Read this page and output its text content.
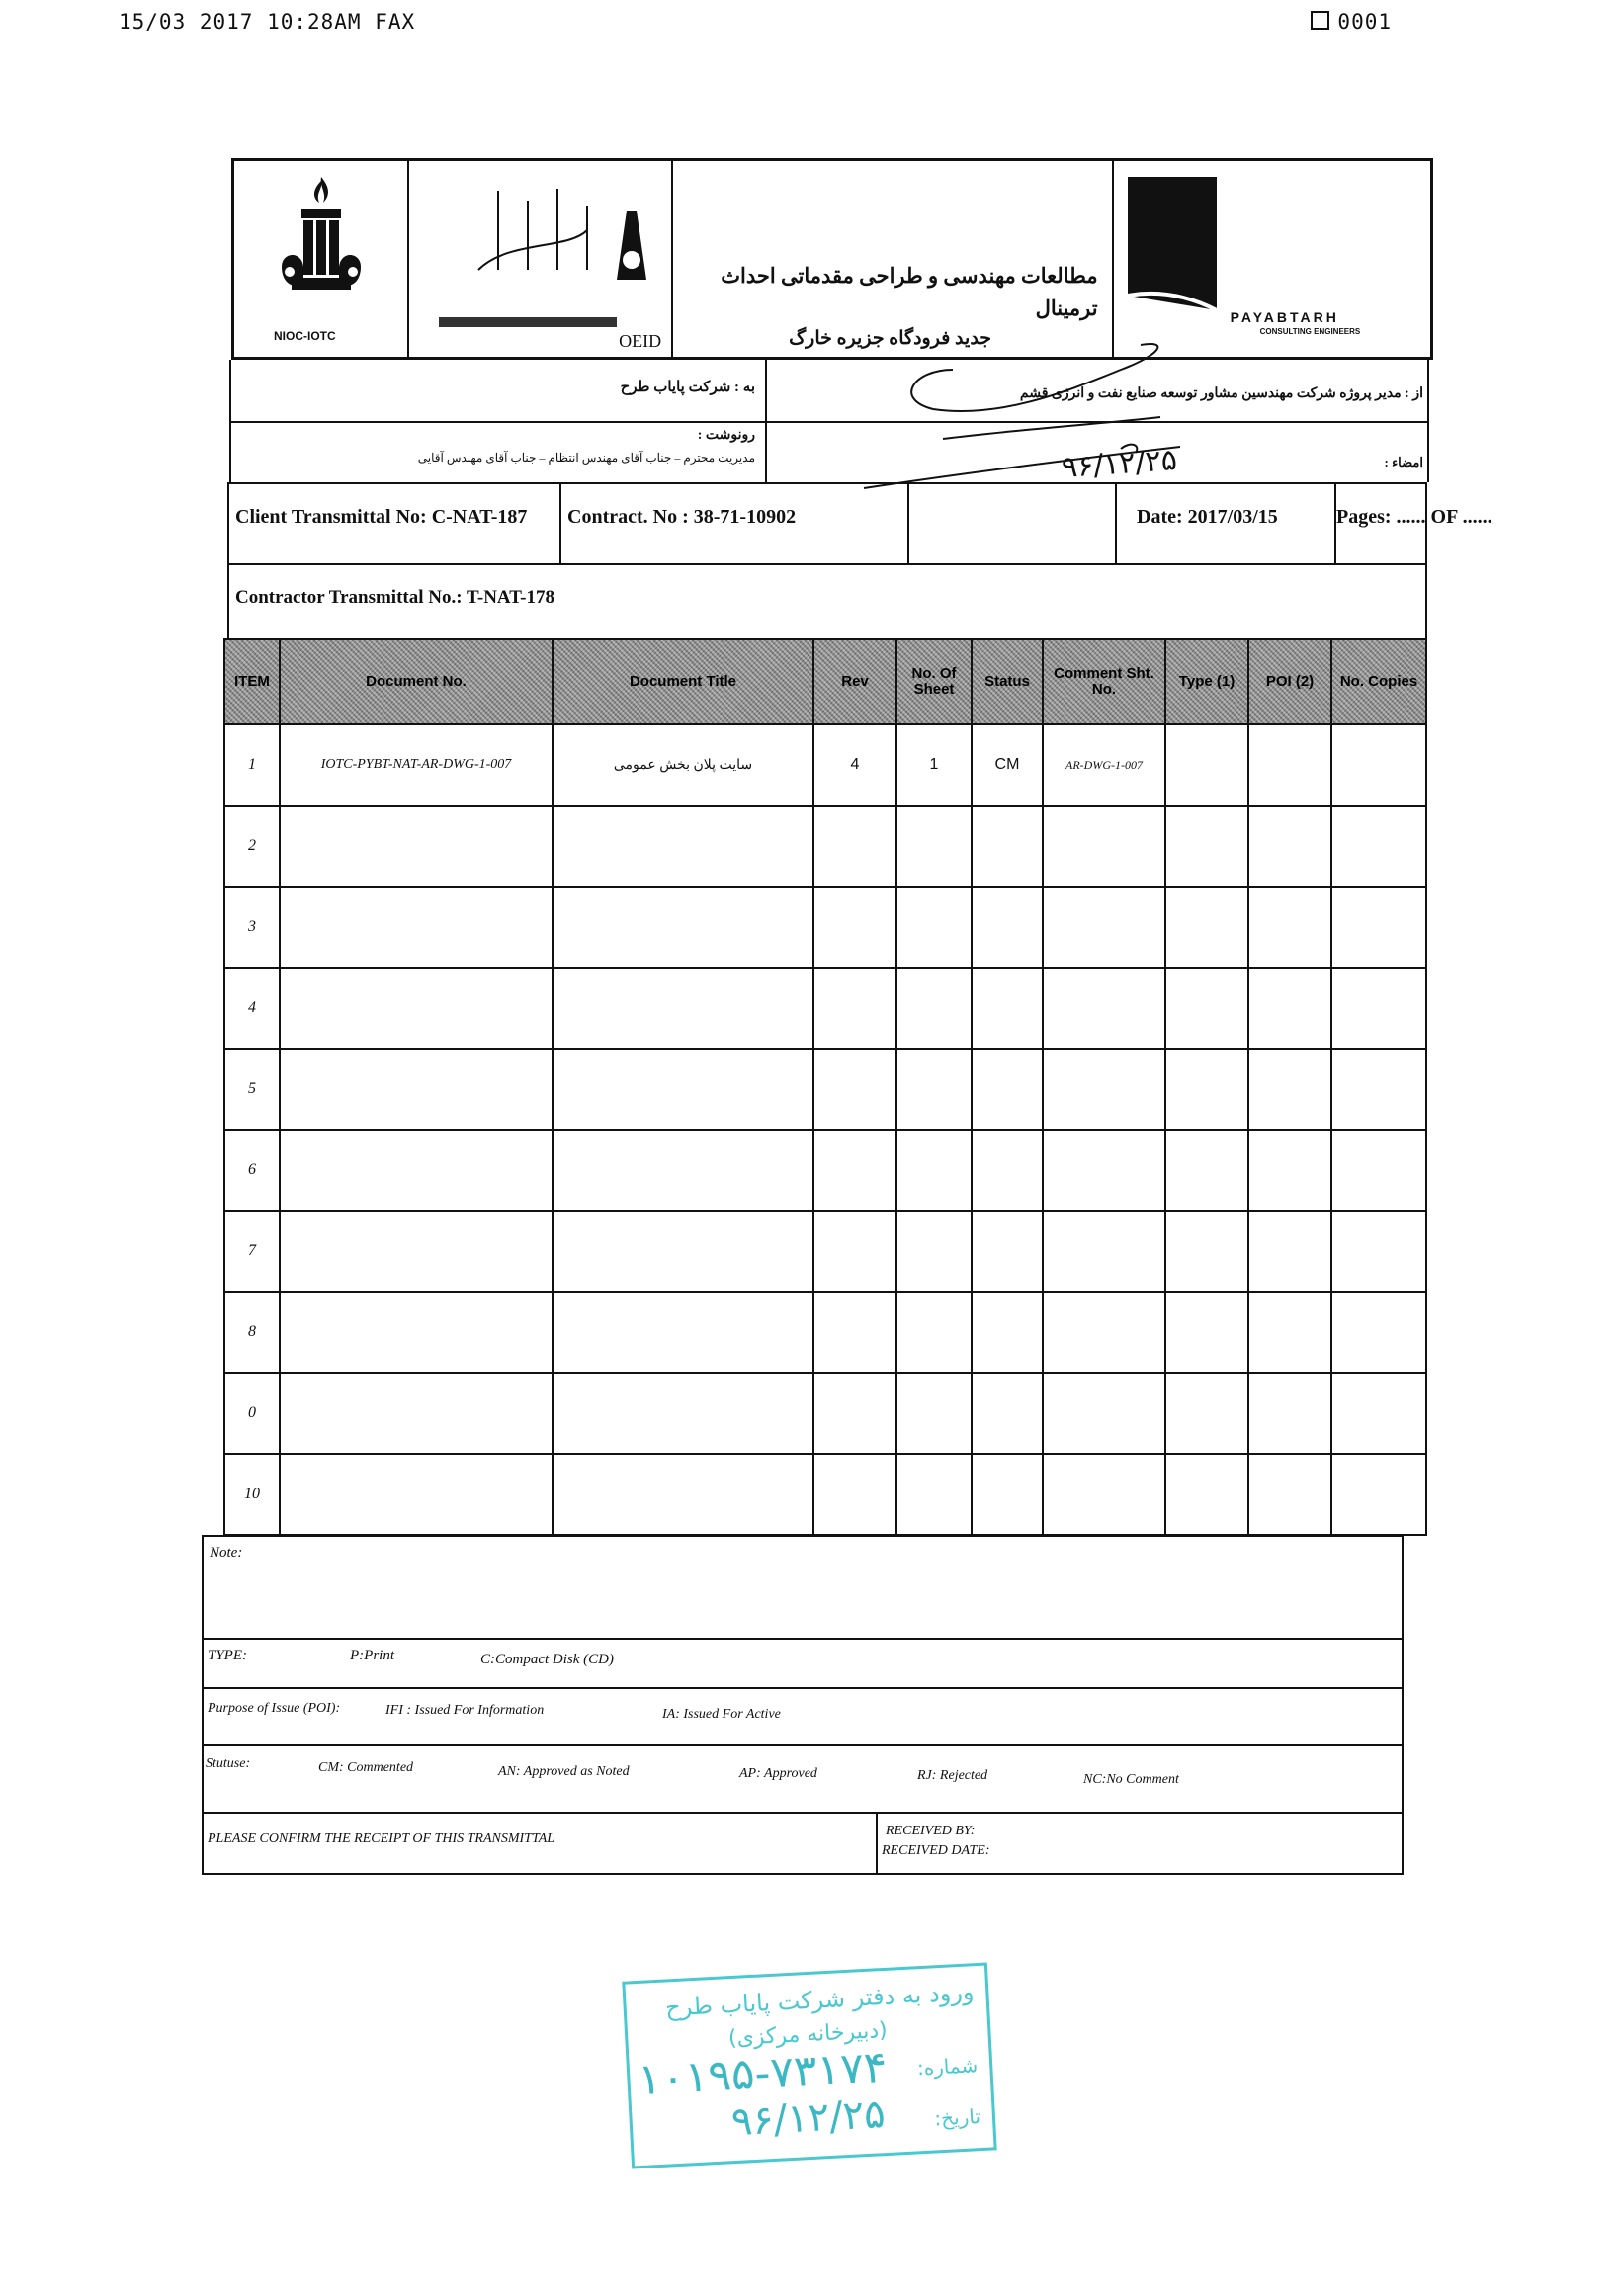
15/03 2017 10:28AM FAX	0001
NIOC-IOTC	OEID
مطالعات مهندسی و طراحی مقدماتی احداث ترمینال
جدید فرودگاه جزیره خارگ
PAYABTARH
CONSULTING ENGINEERS
به : شرکت پایاب طرح
رونوشت :
مدیریت محترم – جناب آقای مهندس انتظام – جناب آقای مهندس آقایی
از : مدیر پروژه شرکت مهندسین مشاور توسعه صنایع نفت و انرژی قشم
امضاء :
۹۶/۱۲/۲۵
Client Transmittal No: C-NAT-187	Contract. No : 38-71-10902	Date: 2017/03/15	Pages: ...... OF ......
Contractor Transmittal No.: T-NAT-178
ITEM	Document No.	Document Title	Rev	No. Of Sheet	Status	Comment Sht. No.	Type (1)	POI (2)	No. Copies
1	IOTC-PYBT-NAT-AR-DWG-1-007	سایت پلان بخش عمومی	4	1	CM	AR-DWG-1-007			
2									
3									
4									
5									
6									
7									
8									
0									
10									
Note:
TYPE:	P:Print	C:Compact Disk (CD)
Purpose of Issue (POI):	IFI : Issued For Information	IA: Issued For Active
Stutuse:	CM: Commented	AN: Approved as Noted	AP: Approved	RJ: Rejected	NC:No Comment
PLEASE CONFIRM THE RECEIPT OF THIS TRANSMITTAL
RECEIVED BY:
RECEIVED DATE:
ورود به دفتر شرکت پایاب طرح
(دبیرخانه مرکزی)
شماره:
۱۰۱۹۵-۷۳۱۷۴
تاریخ:
۹۶/۱۲/۲۵
